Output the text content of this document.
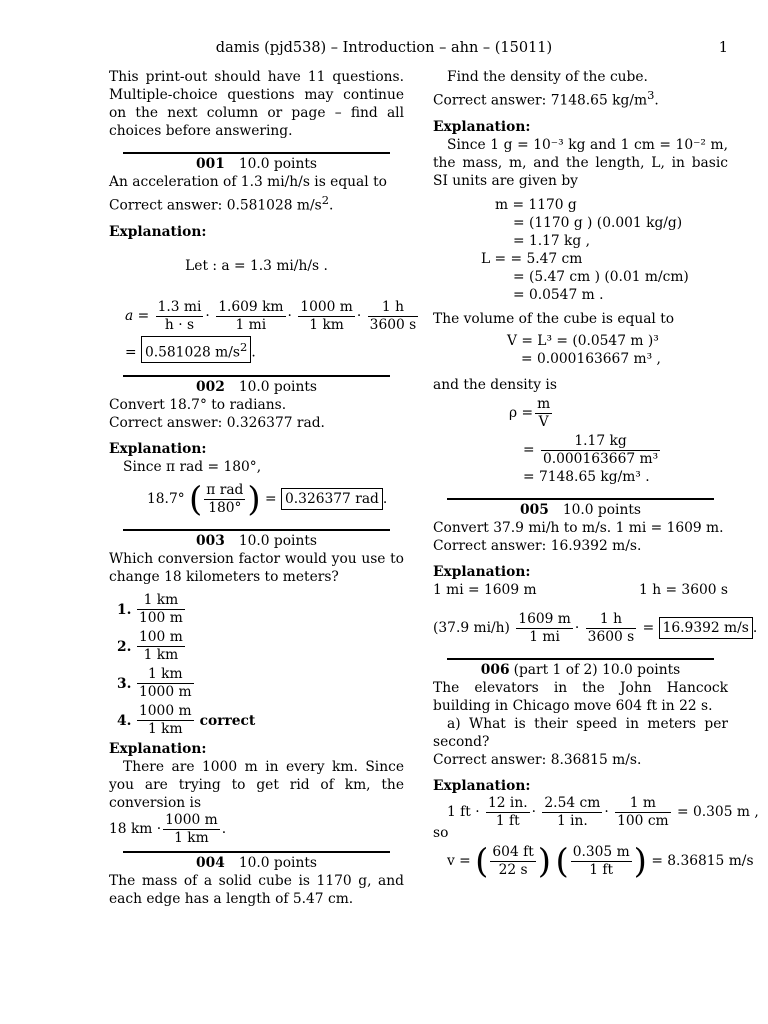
damis (pjd538) – Introduction – ahn – (15011)	1
This print-out should have 11 questions. Multiple-choice questions may continue on the next column or page – find all choices before answering.
001 10.0 points
An acceleration of 1.3 mi/h/s is equal to
Correct answer: 0.581028 $m/s^2$.
Explanation:
Let : a = 1.3 mi/h/s .
$a = \frac{1.3 mi}{h \cdot s} \cdot \frac{1.609 km}{1 mi} \cdot \frac{1000 m}{1 km} \cdot \frac{1 h}{3600 s}$
= 0.581028 $m/s^2$ .
002 10.0 points
Convert 18.7° to radians.
Correct answer: 0.326377 rad.
Explanation:
Since π rad = 180°,
18.7° ( $\frac{\text{π rad}}{180^\circ}$ ) = 0.326377 rad .
003 10.0 points
Which conversion factor would you use to change 18 kilometers to meters?
1. $\frac{1 km}{100 m}$
2. $\frac{100 m}{1 km}$
3. $\frac{1 km}{1000 m}$
4. $\frac{1000 m}{1 km}$ correct
Explanation:
There are 1000 m in every km. Since you are trying to get rid of km, the conversion is
18 km · $\frac{1000 m}{1 km}$ .
004 10.0 points
The mass of a solid cube is 1170 g, and each edge has a length of 5.47 cm.
Find the density of the cube.
Correct answer: 7148.65 $kg/m^3$.
Explanation:
Since 1 g = 10⁻³ kg and 1 cm = 10⁻² m, the mass, m, and the length, L, in basic SI units are given by
m = 1170 g
= (1170 g ) (0.001 kg/g)
= 1.17 kg ,
L = = 5.47 cm
= (5.47 cm ) (0.01 m/cm)
= 0.0547 m .
The volume of the cube is equal to
V = L³ = (0.0547 m )³
= 0.000163667 m³ ,
and the density is
$\rho = \frac{m}{V}$
= $\frac{1.17 kg}{\text{0.000163667 m³}}$
= 7148.65 kg/m³ .
005 10.0 points
Convert 37.9 mi/h to m/s. 1 mi = 1609 m.
Correct answer: 16.9392 m/s.
Explanation:
1 mi = 1609 m	1 h = 3600 s
(37.9 $mi/h) \frac{1609 m}{1 mi} \cdot \frac{1 h}{3600 s} = 16.9392$ m/s .
006 (part 1 of 2) 10.0 points
The elevators in the John Hancock building in Chicago move 604 ft in 22 s.
a) What is their speed in meters per second?
Correct answer: 8.36815 m/s.
Explanation:
1 ft · $\frac{12 in.}{1 ft} \cdot \frac{2.54 cm}{1 in.} \cdot \frac{1 m}{100 cm} = 0.305$ m ,
so
v = ( $\frac{604 ft}{22 s}$ ) ( $\frac{0.305 m}{1 ft}$ ) = 8.36815 m/s
